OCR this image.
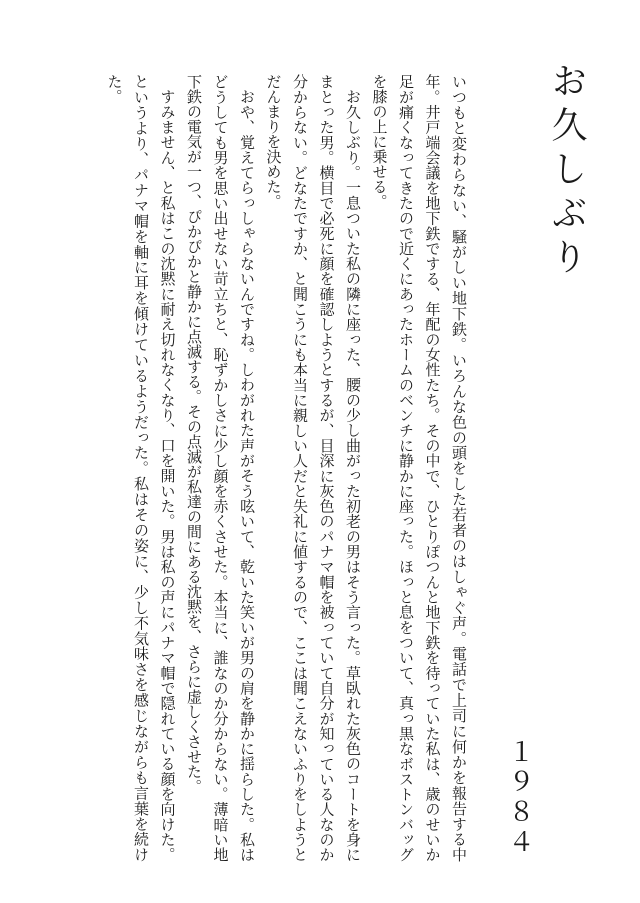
お久しぶり
１９８４

いつもと変わらない、騒がしい地下鉄。いろんな色の頭をした若者のはしゃぐ声。電話で上司に何かを報告する中年。井戸端会議を地下鉄でする、年配の女性たち。その中で、ひとりぽつんと地下鉄を待っていた私は、歳のせいか足が痛くなってきたので近くにあったホームのベンチに静かに座った。ほっと息をついて、真っ黒なボストンバッグを膝の上に乗せる。

お久しぶり。一息ついた私の隣に座った、腰の少し曲がった初老の男はそう言った。草臥れた灰色のコートを身にまとった男。横目で必死に顔を確認しようとするが、目深に灰色のパナマ帽を被っていて自分が知っている人なのか分からない。どなたですか、と聞こうにも本当に親しい人だと失礼に値するので、ここは聞こえないふりをしようとだんまりを決めた。

おや、覚えてらっしゃらないんですね。しわがれた声がそう呟いて、乾いた笑いが男の肩を静かに揺らした。私はどうしても男を思い出せない苛立ちと、恥ずかしさに少し顔を赤くさせた。本当に、誰なのか分からない。薄暗い地下鉄の電気が一つ、ぴかぴかと静かに点滅する。その点滅が私達の間にある沈黙を、さらに虚しくさせた。

すみません、と私はこの沈黙に耐え切れなくなり、口を開いた。男は私の声にパナマ帽で隠れている顔を向けた。というより、パナマ帽を軸に耳を傾けているようだった。私はその姿に、少し不気味さを感じながらも言葉を続けた。
